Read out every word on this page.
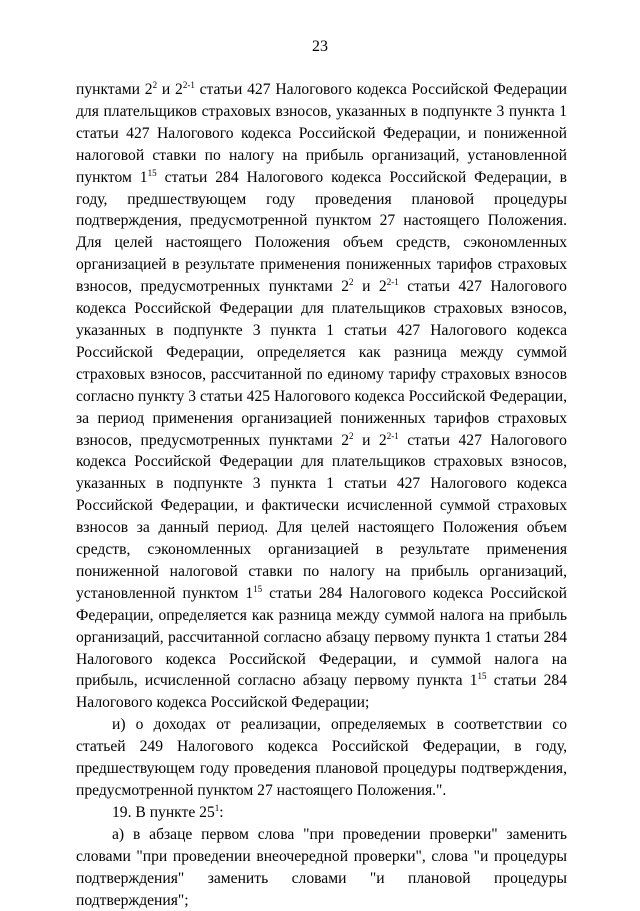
23

пунктами $2^2$ и 2$^{2-1}$ статьи 427 Налогового кодекса Российской Федерации для плательщиков страховых взносов, указанных в подпункте 3 пункта 1 статьи 427 Налогового кодекса Российской Федерации, и пониженной налоговой ставки по налогу на прибыль организаций, установленной пунктом $1^{15}$ статьи 284 Налогового кодекса Российской Федерации, в году, предшествующем году проведения плановой процедуры подтверждения, предусмотренной пунктом 27 настоящего Положения. Для целей настоящего Положения объем средств, сэкономленных организацией в результате применения пониженных тарифов страховых взносов, предусмотренных пунктами $2^2$ и 2$^{2-1}$ статьи 427 Налогового кодекса Российской Федерации для плательщиков страховых взносов, указанных в подпункте 3 пункта 1 статьи 427 Налогового кодекса Российской Федерации, определяется как разница между суммой страховых взносов, рассчитанной по единому тарифу страховых взносов согласно пункту 3 статьи 425 Налогового кодекса Российской Федерации, за период применения организацией пониженных тарифов страховых взносов, предусмотренных пунктами $2^2$ и 2$^{2-1}$ статьи 427 Налогового кодекса Российской Федерации для плательщиков страховых взносов, указанных в подпункте 3 пункта 1 статьи 427 Налогового кодекса Российской Федерации, и фактически исчисленной суммой страховых взносов за данный период. Для целей настоящего Положения объем средств, сэкономленных организацией в результате применения пониженной налоговой ставки по налогу на прибыль организаций, установленной пунктом $1^{15}$ статьи 284 Налогового кодекса Российской Федерации, определяется как разница между суммой налога на прибыль организаций, рассчитанной согласно абзацу первому пункта 1 статьи 284 Налогового кодекса Российской Федерации, и суммой налога на прибыль, исчисленной согласно абзацу первому пункта $1^{15}$ статьи 284 Налогового кодекса Российской Федерации;

и) о доходах от реализации, определяемых в соответствии со статьей 249 Налогового кодекса Российской Федерации, в году, предшествующем году проведения плановой процедуры подтверждения, предусмотренной пунктом 27 настоящего Положения.".

19. В пункте $25^1$:

а) в абзаце первом слова "при проведении проверки" заменить словами "при проведении внеочередной проверки", слова "и процедуры подтверждения" заменить словами "и плановой процедуры подтверждения";
